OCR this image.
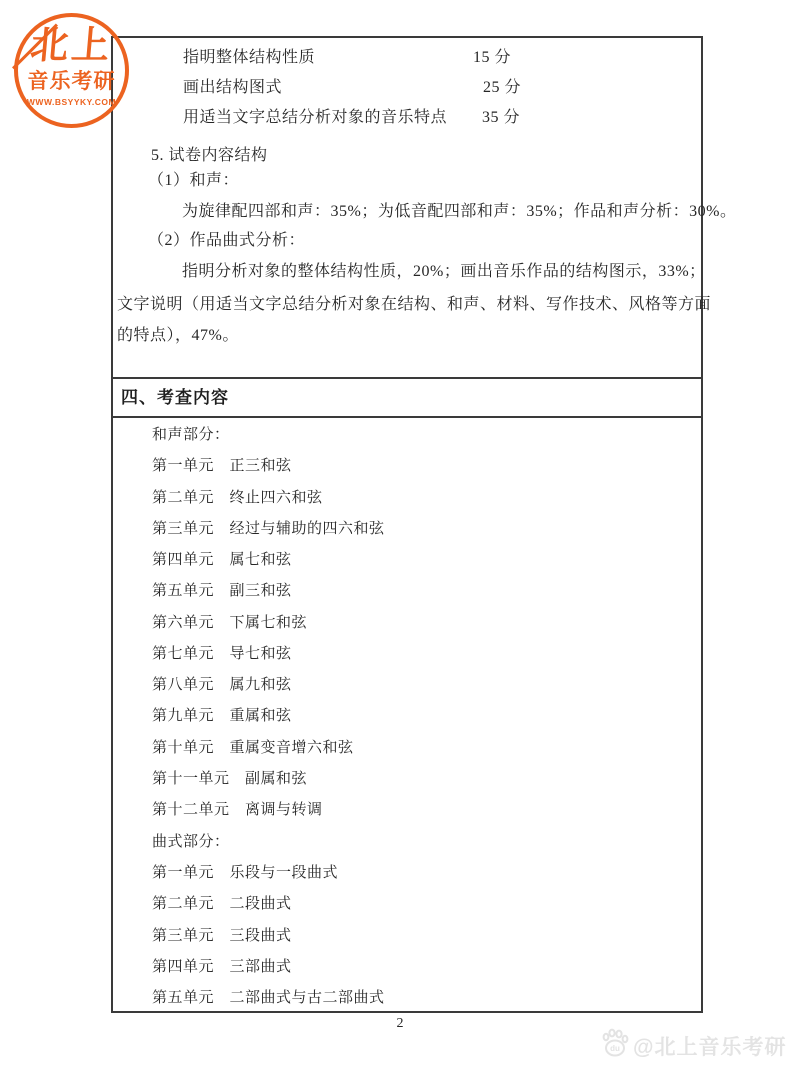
北上
音乐考研
WWW.BSYYKY.COM
四、考查内容
指明整体结构性质	15 分
画出结构图式	25 分
用适当文字总结分析对象的音乐特点 35 分
5. 试卷内容结构
（1）和声：
为旋律配四部和声：35%；为低音配四部和声：35%；作品和声分析：30%。
（2）作品曲式分析：
指明分析对象的整体结构性质，20%；画出音乐作品的结构图示，33%；
文字说明（用适当文字总结分析对象在结构、和声、材料、写作技术、风格等方面
的特点），47%。
和声部分：
第一单元　正三和弦
第二单元　终止四六和弦
第三单元　经过与辅助的四六和弦
第四单元　属七和弦
第五单元　副三和弦
第六单元　下属七和弦
第七单元　导七和弦
第八单元　属九和弦
第九单元　重属和弦
第十单元　重属变音增六和弦
第十一单元　副属和弦
第十二单元　离调与转调
曲式部分：
第一单元　乐段与一段曲式
第二单元　二段曲式
第三单元　三段曲式
第四单元　三部曲式
第五单元　二部曲式与古二部曲式
2
du @北上音乐考研
